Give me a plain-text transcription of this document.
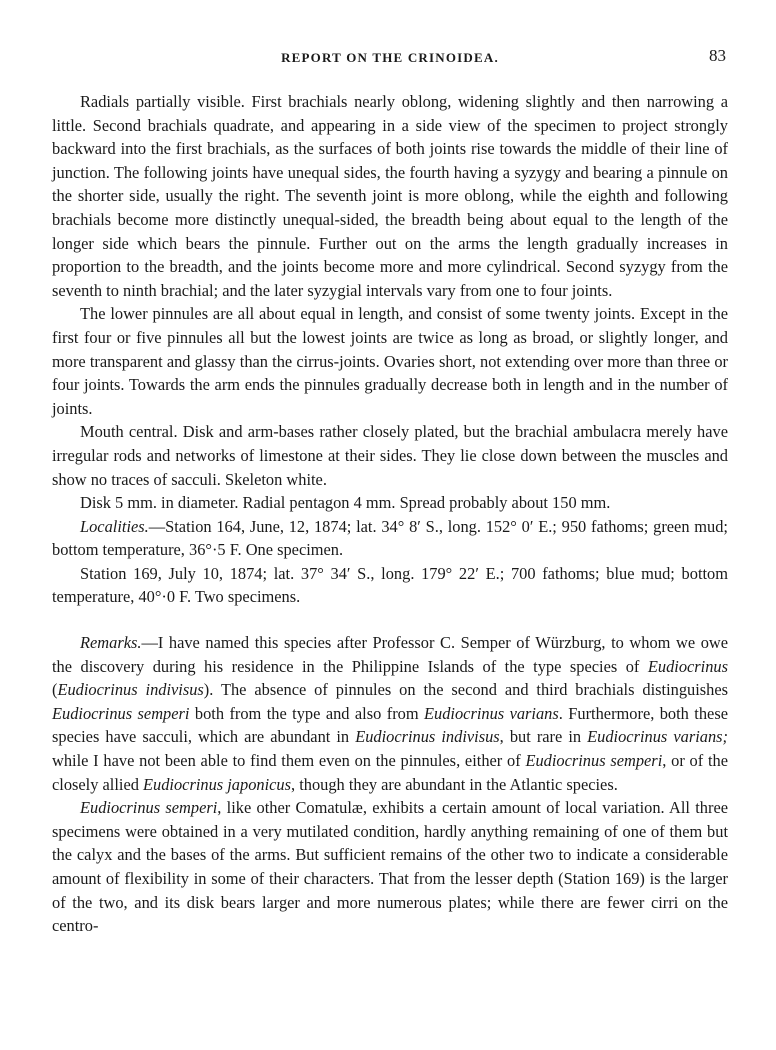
REPORT ON THE CRINOIDEA.	83

Radials partially visible. First brachials nearly oblong, widening slightly and then narrowing a little. Second brachials quadrate, and appearing in a side view of the specimen to project strongly backward into the first brachials, as the surfaces of both joints rise towards the middle of their line of junction. The following joints have unequal sides, the fourth having a syzygy and bearing a pinnule on the shorter side, usually the right. The seventh joint is more oblong, while the eighth and following brachials become more distinctly unequal-sided, the breadth being about equal to the length of the longer side which bears the pinnule. Further out on the arms the length gradually increases in proportion to the breadth, and the joints become more and more cylindrical. Second syzygy from the seventh to ninth brachial; and the later syzygial intervals vary from one to four joints.

The lower pinnules are all about equal in length, and consist of some twenty joints. Except in the first four or five pinnules all but the lowest joints are twice as long as broad, or slightly longer, and more transparent and glassy than the cirrus-joints. Ovaries short, not extending over more than three or four joints. Towards the arm ends the pinnules gradually decrease both in length and in the number of joints.

Mouth central. Disk and arm-bases rather closely plated, but the brachial ambulacra merely have irregular rods and networks of limestone at their sides. They lie close down between the muscles and show no traces of sacculi. Skeleton white.

Disk 5 mm. in diameter. Radial pentagon 4 mm. Spread probably about 150 mm.

Localities.—Station 164, June, 12, 1874; lat. 34° 8′ S., long. 152° 0′ E.; 950 fathoms; green mud; bottom temperature, 36°·5 F. One specimen.

Station 169, July 10, 1874; lat. 37° 34′ S., long. 179° 22′ E.; 700 fathoms; blue mud; bottom temperature, 40°·0 F. Two specimens.

Remarks.—I have named this species after Professor C. Semper of Würzburg, to whom we owe the discovery during his residence in the Philippine Islands of the type species of Eudiocrinus (Eudiocrinus indivisus). The absence of pinnules on the second and third brachials distinguishes Eudiocrinus semperi both from the type and also from Eudiocrinus varians. Furthermore, both these species have sacculi, which are abundant in Eudiocrinus indivisus, but rare in Eudiocrinus varians; while I have not been able to find them even on the pinnules, either of Eudiocrinus semperi, or of the closely allied Eudiocrinus japonicus, though they are abundant in the Atlantic species.

Eudiocrinus semperi, like other Comatulæ, exhibits a certain amount of local variation. All three specimens were obtained in a very mutilated condition, hardly anything remaining of one of them but the calyx and the bases of the arms. But sufficient remains of the other two to indicate a considerable amount of flexibility in some of their characters. That from the lesser depth (Station 169) is the larger of the two, and its disk bears larger and more numerous plates; while there are fewer cirri on the centro-
